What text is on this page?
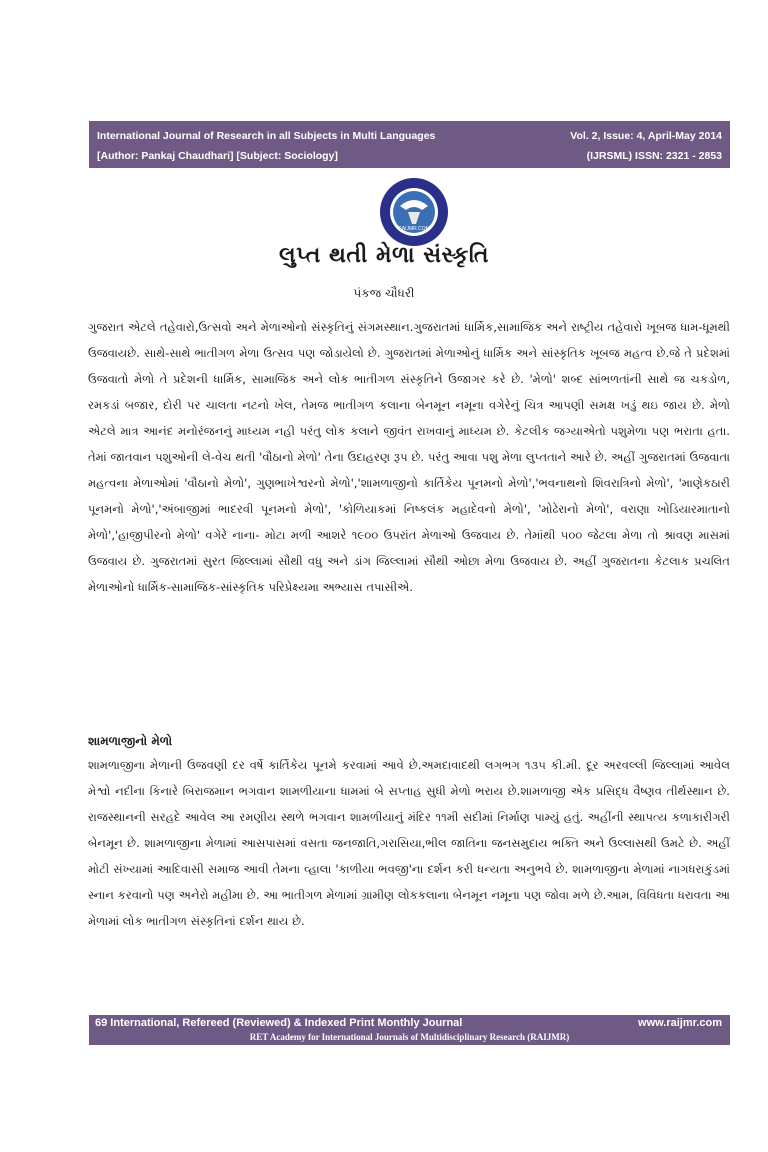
International Journal of Research in all Subjects in Multi Languages	Vol. 2, Issue: 4, April-May 2014
[Author: Pankaj Chaudhari] [Subject: Sociology]	(IJRSML) ISSN: 2321 - 2853
RAIJMR.COM
લુપ્ત થતી મેળા સંસ્કૃતિ
પંકજ ચૌધરી

ગુજરાત એટલે તહેવારો,ઉત્સવો અને મેળાઓનો સંસ્કૃતિનું સંગમસ્થાન.ગુજરાતમાં ધાર્મિક,સામાજિક અને રાષ્ટ્રીય તહેવારો ખૂબજ ધામ-ધૂમથી ઉજવાયછે. સાથે-સાથે ભાતીગળ મેળા ઉત્સવ પણ જોડાયેલો છે. ગુજરાતમાં મેળાઓનું ધાર્મિક અને સાંસ્કૃતિક ખૂબજ મહત્વ છે.જે તે પ્રદેશમાં ઉજવાતો મેળો તે પ્રદેશની ધાર્મિક, સામાજિક અને લોક ભાતીગળ સંસ્કૃતિને ઉજાગર કરે છે. 'મેળો' શબ્દ સાંભળતાંની સાથે જ ચકડોળ, રમકડાં બજાર, દોરી પર ચાલતા નટનો ખેલ, તેમજ ભાતીગળ કલાના બેનમૂન નમૂના વગેરેનું ચિત્ર આપણી સમક્ષ ખડું થઇ જાય છે. મેળો એટલે માત્ર આનંદ મનોરંજનનું માધ્યમ નહી પરંતુ લોક કલાને જીવંત રાખવાનું માધ્યમ છે. કેટલીક જગ્યાએતો પશુમેળા પણ ભરાતા હતા. તેમાં જાતવાન પશુઓની લે-વેચ થતી 'વૌઠાનો મેળો' તેના ઉદાહરણ રૂપ છે. પરંતુ આવા પશુ મેળા લુપ્તતાને આરે છે. અહીં ગુજરાતમાં ઉજવાતા મહત્વના મેળાઓમાં 'વૌઠાનો મેળો', ગુણભાખેશ્વરનો મેળો','શામળાજીનો કાર્તિકેય પૂનમનો મેળો','ભવનાથનો શિવરાત્રિનો મેળો', 'માણેકઠારી પૂનમનો મેળો','અંબાજીમાં ભાદરવી પૂનમનો મેળો', 'કોળિયાકમાં નિષ્કલંક મહાદેવનો મેળો', 'મોઢેરાનો મેળો', વરાણા ખોડિયારમાતાનો મેળો','હાજીપીરનો મેળો' વગેરે નાના- મોટા મળી આશરે ૧૯૦૦ ઉપરાંત મેળાઓ ઉજવાય છે. તેમાંથી ૫૦૦ જેટલા મેળા તો શ્રાવણ માસમાં ઉજવાય છે. ગુજરાતમાં સુરત જિલ્લામાં સૌથી વધુ અને ડાંગ જિલ્લામાં સૌથી ઓછા મેળા ઉજવાય છે. અહીં ગુજરાતના કેટલાક પ્રચલિત મેળાઓનો ધાર્મિક-સામાજિક-સાંસ્કૃતિક પરિપ્રેક્ષ્યમા અભ્યાસ તપાસીએ.

શામળાજીનો મેળો

શામળાજીના મેળાની ઉજવણી દર વર્ષે કાર્તિકેય પૂનમે કરવામાં આવે છે.અમદાવાદથી લગભગ ૧૩૫ કી.મી. દૂર અરવલ્લી જિલ્લામાં આવેલ મેશ્વો નદીના કિનારે બિરાજમાન ભગવાન શામળીયાના ધામમાં બે સપ્તાહ સુધી મેળો ભરાય છે.શામળાજી એક પ્રસિદ્ધ વૈષ્ણવ તીર્થસ્થાન છે. રાજસ્થાનની સરહદે આવેલ આ રમણીય સ્થળે ભગવાન શામળીયાનું મંદિર ૧૧મી સદીમાં નિર્માણ પામ્યું હતું. અહીંની સ્થાપત્ય કળાકારીગરી બેનમૂન છે. શામળાજીના મેળામાં આસપાસમાં વસતા જનજાતિ,ગરાસિયા,ભીલ જાતિના જનસમુદાય ભક્તિ અને ઉલ્લાસથી ઉમટે છે. અહીં મોટી સંખ્યામાં આદિવાસી સમાજ આવી તેમના વ્હાલા 'કાળીયા ભવજી'ના દર્શન કરી ધન્યતા અનુભવે છે. શામળાજીના મેળામાં નાગધરાકુંડમાં સ્નાન કરવાનો પણ અનેરો મહીમા છે. આ ભાતીગળ મેળામાં ગ્રામીણ લોકકલાના બેનમૂન નમૂના પણ જોવા મળે છે.આમ, વિવિધતા ધરાવતા આ મેળામાં લોક ભાતીગળ સંસ્કૃતિનાં દર્શન થાય છે.

69 International, Refereed (Reviewed) & Indexed Print Monthly Journal	www.raijmr.com
RET Academy for International Journals of Multidisciplinary Research (RAIJMR)
